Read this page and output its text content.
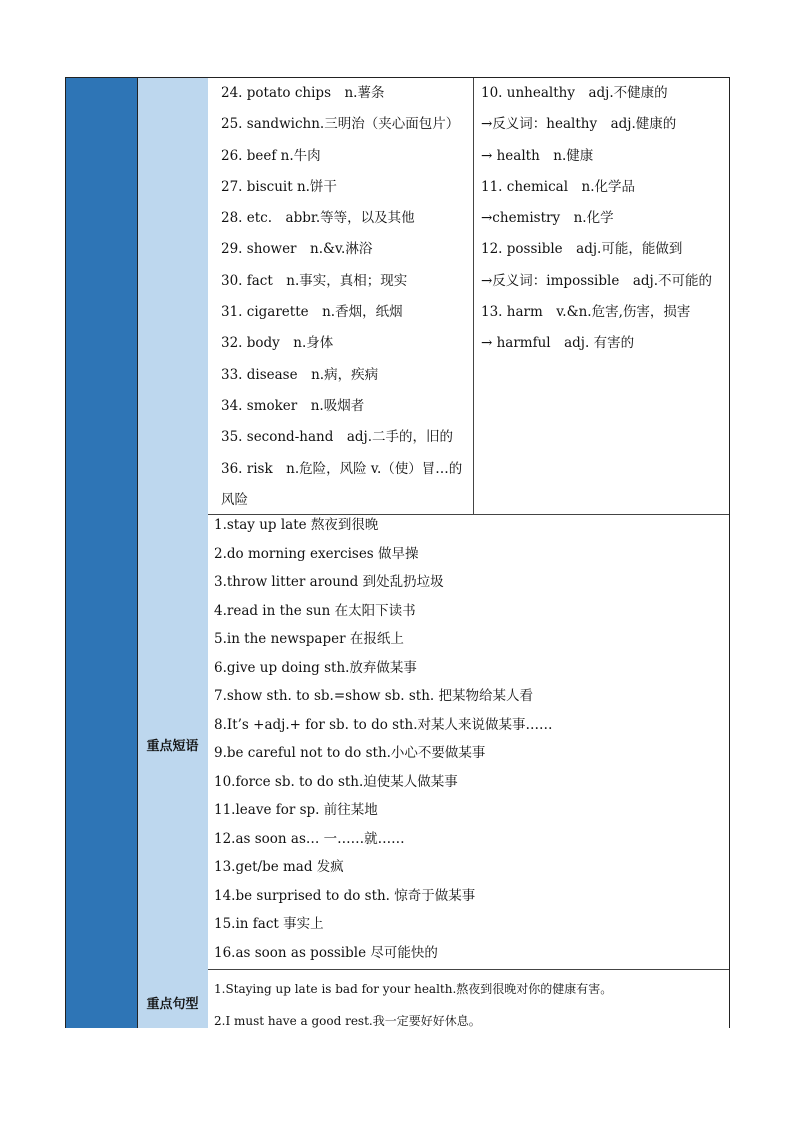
24. potato chips　n.薯条
25. sandwichn.三明治（夹心面包片）
26. beef n.牛肉
27. biscuit n.饼干
28. etc.　abbr.等等，以及其他
29. shower　n.&v.淋浴
30. fact　n.事实，真相；现实
31. cigarette　n.香烟，纸烟
32. body　n.身体
33. disease　n.病，疾病
34. smoker　n.吸烟者
35. second-hand　adj.二手的，旧的
36. risk　n.危险，风险 v.（使）冒…的
风险
10. unhealthy　adj.不健康的
→反义词：healthy　adj.健康的
→ health　n.健康
11. chemical　n.化学品
→chemistry　n.化学
12. possible　adj.可能，能做到
→反义词：impossible　adj.不可能的
13. harm　v.&n.危害,伤害，损害
→ harmful　adj. 有害的
重点短语
1.stay up late 熬夜到很晚
2.do morning exercises 做早操
3.throw litter around 到处乱扔垃圾
4.read in the sun 在太阳下读书
5.in the newspaper 在报纸上
6.give up doing sth.放弃做某事
7.show sth. to sb.=show sb. sth. 把某物给某人看
8.It’s +adj.+ for sb. to do sth.对某人来说做某事……
9.be careful not to do sth.小心不要做某事
10.force sb. to do sth.迫使某人做某事
11.leave for sp. 前往某地
12.as soon as… 一……就……
13.get/be mad 发疯
14.be surprised to do sth. 惊奇于做某事
15.in fact 事实上
16.as soon as possible 尽可能快的
重点句型
1.Staying up late is bad for your health.熬夜到很晚对你的健康有害。
2.I must have a good rest.我一定要好好休息。
